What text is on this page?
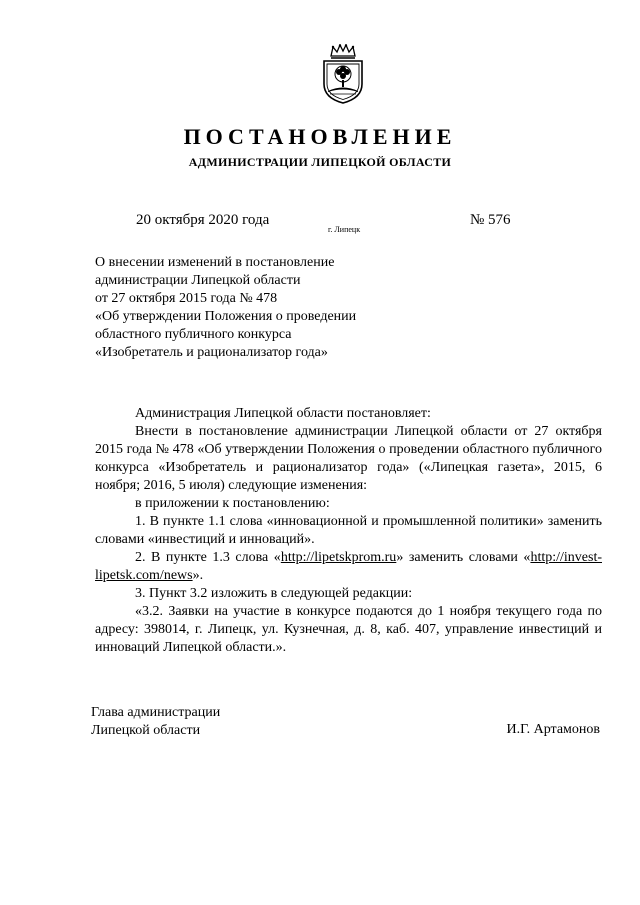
ПОСТАНОВЛЕНИЕ
АДМИНИСТРАЦИИ ЛИПЕЦКОЙ ОБЛАСТИ
20 октября 2020 года
г. Липецк
№ 576
О внесении изменений в постановление
администрации Липецкой области
от 27 октября 2015 года № 478
«Об утверждении Положения о проведении
областного публичного конкурса
«Изобретатель и рационализатор года»

Администрация Липецкой области постановляет:

Внести в постановление администрации Липецкой области от 27 октября 2015 года № 478 «Об утверждении Положения о проведении областного публичного конкурса «Изобретатель и рационализатор года» («Липецкая газета», 2015, 6 ноября; 2016, 5 июля) следующие изменения:

в приложении к постановлению:

1. В пункте 1.1 слова «инновационной и промышленной политики» заменить словами «инвестиций и инноваций».

2. В пункте 1.3 слова «http://lipetskprom.ru» заменить словами «http://invest-lipetsk.com/news».

3. Пункт 3.2 изложить в следующей редакции:

«3.2. Заявки на участие в конкурсе подаются до 1 ноября текущего года по адресу: 398014, г. Липецк, ул. Кузнечная, д. 8, каб. 407, управление инвестиций и инноваций Липецкой области.».

Глава администрации
Липецкой области	И.Г. Артамонов
